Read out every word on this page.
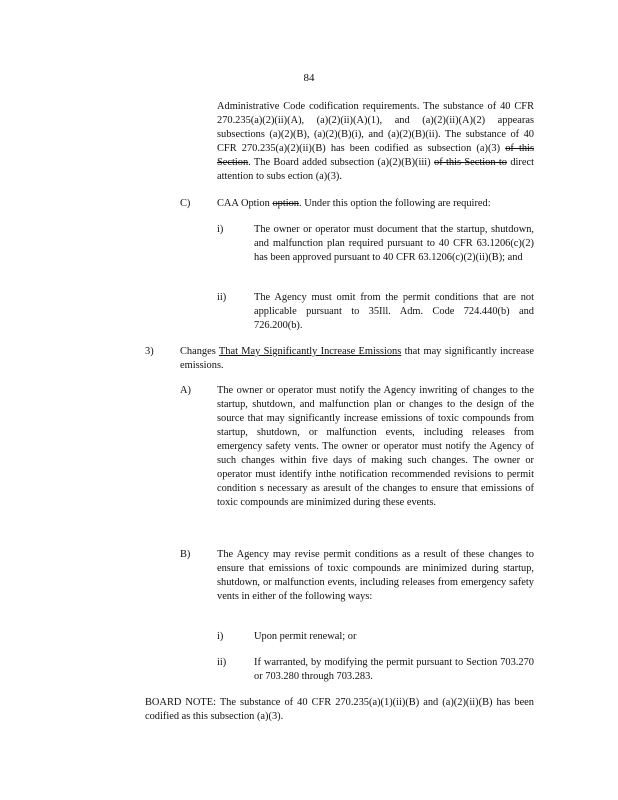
84
Administrative Code codification requirements. The substance of 40 CFR 270.235(a)(2)(ii)(A), (a)(2)(ii)(A)(1), and (a)(2)(ii)(A)(2) appearas subsections (a)(2)(B), (a)(2)(B)(i), and (a)(2)(B)(ii). The substance of 40 CFR 270.235(a)(2)(ii)(B) has been codified as subsection (a)(3) of this Section. The Board added subsection (a)(2)(B)(iii) of this Section to direct attention to subs ection (a)(3).
C)	CAA Option option. Under this option the following are required:
i)	The owner or operator must document that the startup, shutdown, and malfunction plan required pursuant to 40 CFR 63.1206(c)(2) has been approved pursuant to 40 CFR 63.1206(c)(2)(ii)(B); and
ii)	The Agency must omit from the permit conditions that are not applicable pursuant to 35Ill. Adm. Code 724.440(b) and 726.200(b).
3)	Changes That May Significantly Increase Emissions that may significantly increase emissions.
A)	The owner or operator must notify the Agency inwriting of changes to the startup, shutdown, and malfunction plan or changes to the design of the source that may significantly increase emissions of toxic compounds from startup, shutdown, or malfunction events, including releases from emergency safety vents. The owner or operator must notify the Agency of such changes within five days of making such changes. The owner or operator must identify inthe notification recommended revisions to permit condition s necessary as aresult of the changes to ensure that emissions of toxic compounds are minimized during these events.
B)	The Agency may revise permit conditions as a result of these changes to ensure that emissions of toxic compounds are minimized during startup, shutdown, or malfunction events, including releases from emergency safety vents in either of the following ways:
i)	Upon permit renewal; or
ii)	If warranted, by modifying the permit pursuant to Section 703.270 or 703.280 through 703.283.
BOARD NOTE: The substance of 40 CFR 270.235(a)(1)(ii)(B) and (a)(2)(ii)(B) has been codified as this subsection (a)(3).
